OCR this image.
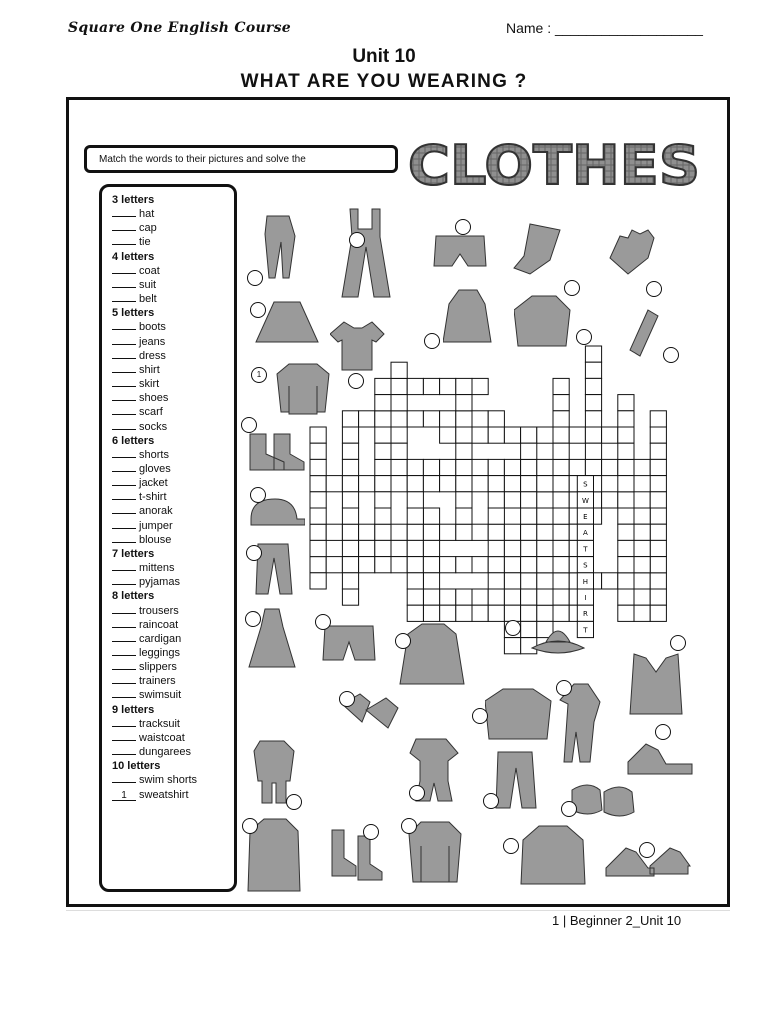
Square One English Course	Name : ___________________
Unit 10
WHAT ARE YOU WEARING ?
Match the words to their pictures and solve the	CLOTHES
3 letters
hat
cap
tie
4 letters
coat
suit
belt
5 letters
boots
jeans
dress
shirt
skirt
shoes
scarf
socks
6 letters
shorts
gloves
jacket
t-shirt
anorak
jumper
blouse
7 letters
mittens
pyjamas
8 letters
trousers
raincoat
cardigan
leggings
slippers
trainers
swimsuit
9 letters
tracksuit
waistcoat
dungarees
10 letters
swim shorts
1 sweatshirt
S
W
E
A
T
S
H
I
R
T
1 | Beginner 2_Unit 10
1
